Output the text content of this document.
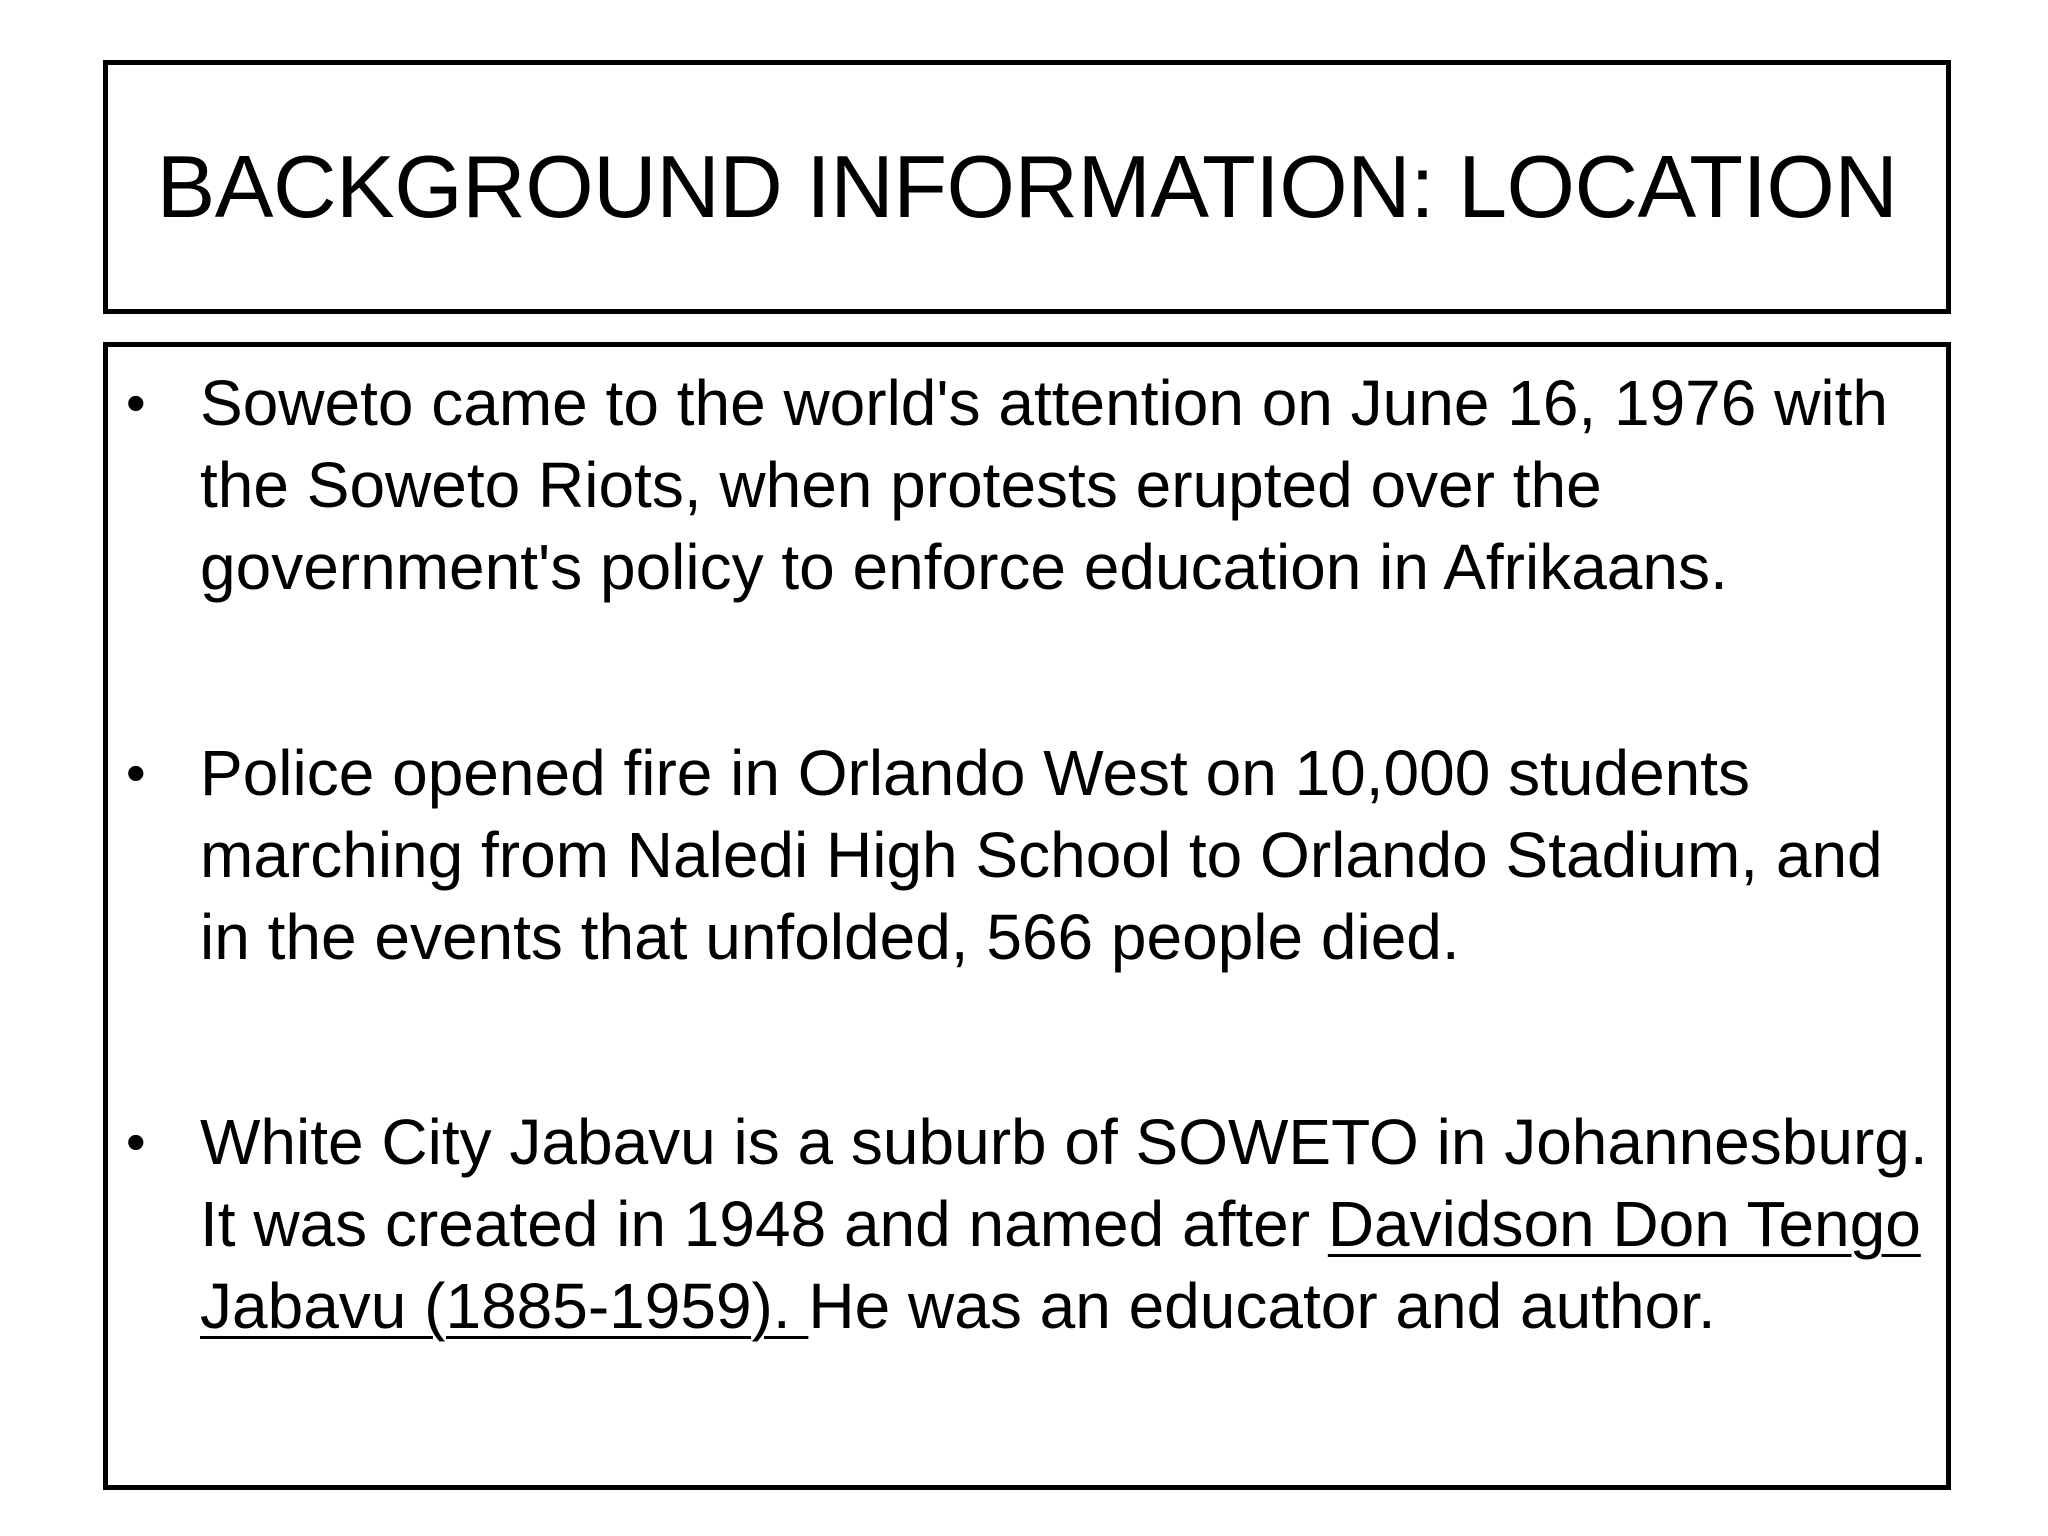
BACKGROUND INFORMATION: LOCATION
• Soweto came to the world's attention on June 16, 1976 with the Soweto Riots, when protests erupted over the government's policy to enforce education in Afrikaans.
• Police opened fire in Orlando West on 10,000 students marching from Naledi High School to Orlando Stadium, and in the events that unfolded, 566 people died.
• White City Jabavu is a suburb of SOWETO in Johannesburg. It was created in 1948 and named after Davidson Don Tengo Jabavu (1885-1959). He was an educator and author.
